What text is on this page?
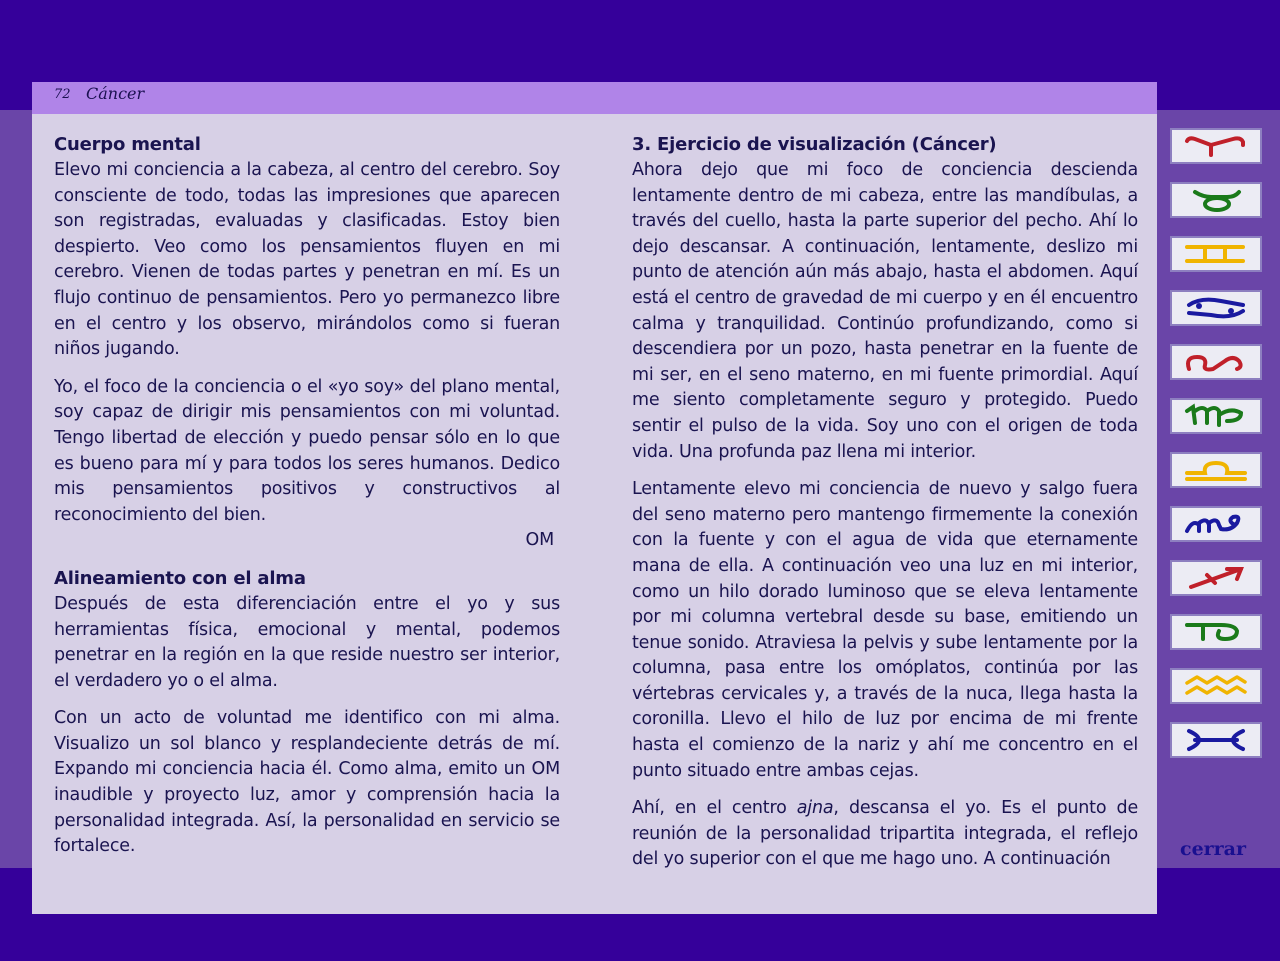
72 Cáncer
Cuerpo mental

Elevo mi conciencia a la cabeza, al centro del cerebro. Soy consciente de todo, todas las impresiones que aparecen son registradas, evaluadas y clasificadas. Estoy bien despierto. Veo como los pensamientos fluyen en mi cerebro. Vienen de todas partes y penetran en mí. Es un flujo continuo de pensamientos. Pero yo permanezco libre en el centro y los observo, mirándolos como si fueran niños jugando.

Yo, el foco de la conciencia o el «yo soy» del plano mental, soy capaz de dirigir mis pensamientos con mi voluntad. Tengo libertad de elección y puedo pensar sólo en lo que es bueno para mí y para todos los seres humanos. Dedico mis pensamientos positivos y constructivos al reconocimiento del bien.

OM

Alineamiento con el alma

Después de esta diferenciación entre el yo y sus herramientas física, emocional y mental, podemos penetrar en la región en la que reside nuestro ser interior, el verdadero yo o el alma.

Con un acto de voluntad me identifico con mi alma. Visualizo un sol blanco y resplandeciente detrás de mí. Expando mi conciencia hacia él. Como alma, emito un OM inaudible y proyecto luz, amor y comprensión hacia la personalidad integrada. Así, la personalidad en servicio se fortalece.

3. Ejercicio de visualización (Cáncer)

Ahora dejo que mi foco de conciencia descienda lentamente dentro de mi cabeza, entre las mandíbulas, a través del cuello, hasta la parte superior del pecho. Ahí lo dejo descansar. A continuación, lentamente, deslizo mi punto de atención aún más abajo, hasta el abdomen. Aquí está el centro de gravedad de mi cuerpo y en él encuentro calma y tranquilidad. Continúo profundizando, como si descendiera por un pozo, hasta penetrar en la fuente de mi ser, en el seno materno, en mi fuente primordial. Aquí me siento completamente seguro y protegido. Puedo sentir el pulso de la vida. Soy uno con el origen de toda vida. Una profunda paz llena mi interior.

Lentamente elevo mi conciencia de nuevo y salgo fuera del seno materno pero mantengo firmemente la conexión con la fuente y con el agua de vida que eternamente mana de ella. A continuación veo una luz en mi interior, como un hilo dorado luminoso que se eleva lentamente por mi columna vertebral desde su base, emitiendo un tenue sonido. Atraviesa la pelvis y sube lentamente por la columna, pasa entre los omóplatos, continúa por las vértebras cervicales y, a través de la nuca, llega hasta la coronilla. Llevo el hilo de luz por encima de mi frente hasta el comienzo de la nariz y ahí me concentro en el punto situado entre ambas cejas.

Ahí, en el centro ajna, descansa el yo. Es el punto de reunión de la personalidad tripartita integrada, el reflejo del yo superior con el que me hago uno. A continuación	cerrar
